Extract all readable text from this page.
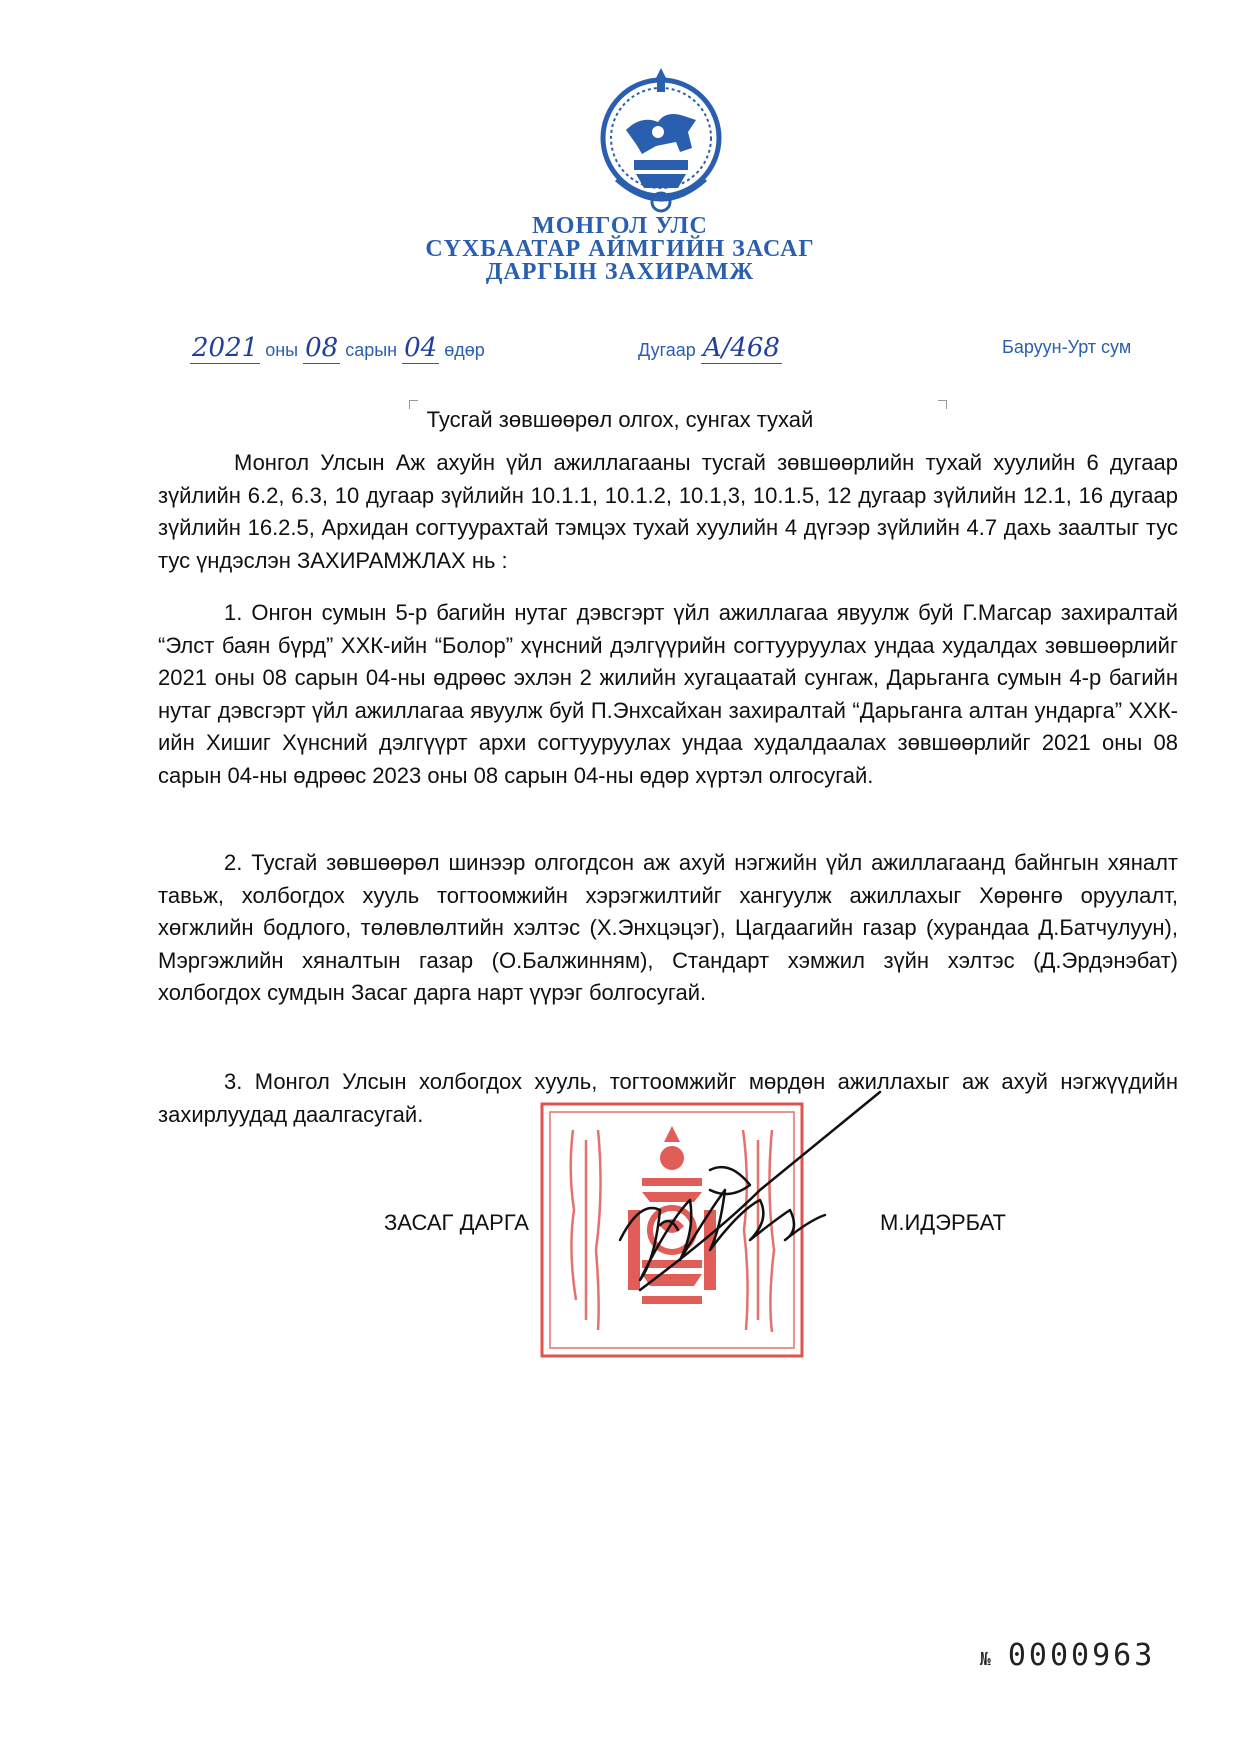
МОНГОЛ УЛС
СҮХБААТАР АЙМГИЙН ЗАСАГ
ДАРГЫН ЗАХИРАМЖ
2021 оны 08 сарын 04 өдөр	Дугаар A/468	Баруун-Урт сум
Тусгай зөвшөөрөл олгох, сунгах тухай

Монгол Улсын Аж ахуйн үйл ажиллагааны тусгай зөвшөөрлийн тухай хуулийн 6 дугаар зүйлийн 6.2, 6.3, 10 дугаар зүйлийн 10.1.1, 10.1.2, 10.1,3, 10.1.5, 12 дугаар зүйлийн 12.1, 16 дугаар зүйлийн 16.2.5, Архидан согтуурахтай тэмцэх тухай хуулийн 4 дүгээр зүйлийн 4.7 дахь заалтыг тус тус үндэслэн ЗАХИРАМЖЛАХ нь :

1. Онгон сумын 5-р багийн нутаг дэвсгэрт үйл ажиллагаа явуулж буй Г.Магсар захиралтай “Элст баян бүрд” ХХК-ийн “Болор” хүнсний дэлгүүрийн согтууруулах ундаа худалдах зөвшөөрлийг 2021 оны 08 сарын 04-ны өдрөөс эхлэн 2 жилийн хугацаатай сунгаж, Дарьганга сумын 4-р багийн нутаг дэвсгэрт үйл ажиллагаа явуулж буй П.Энхсайхан захиралтай “Дарьганга алтан ундарга” ХХК-ийн Хишиг Хүнсний дэлгүүрт архи согтууруулах ундаа худалдаалах зөвшөөрлийг 2021 оны 08 сарын 04-ны өдрөөс 2023 оны 08 сарын 04-ны өдөр хүртэл олгосугай.

2. Тусгай зөвшөөрөл шинээр олгогдсон аж ахуй нэгжийн үйл ажиллагаанд байнгын хяналт тавьж, холбогдох хууль тогтоомжийн хэрэгжилтийг хангуулж ажиллахыг Хөрөнгө оруулалт, хөгжлийн бодлого, төлөвлөлтийн хэлтэс (Х.Энхцэцэг), Цагдаагийн газар (хурандаа Д.Батчулуун), Мэргэжлийн хяналтын газар (О.Балжинням), Стандарт хэмжил зүйн хэлтэс (Д.Эрдэнэбат) холбогдох сумдын Засаг дарга нарт үүрэг болгосугай.

3. Монгол Улсын холбогдох хууль, тогтоомжийг мөрдөн ажиллахыг аж ахуй нэгжүүдийн захирлуудад даалгасугай.

ЗАСАГ ДАРГА	М.ИДЭРБАТ
№ 0000963
